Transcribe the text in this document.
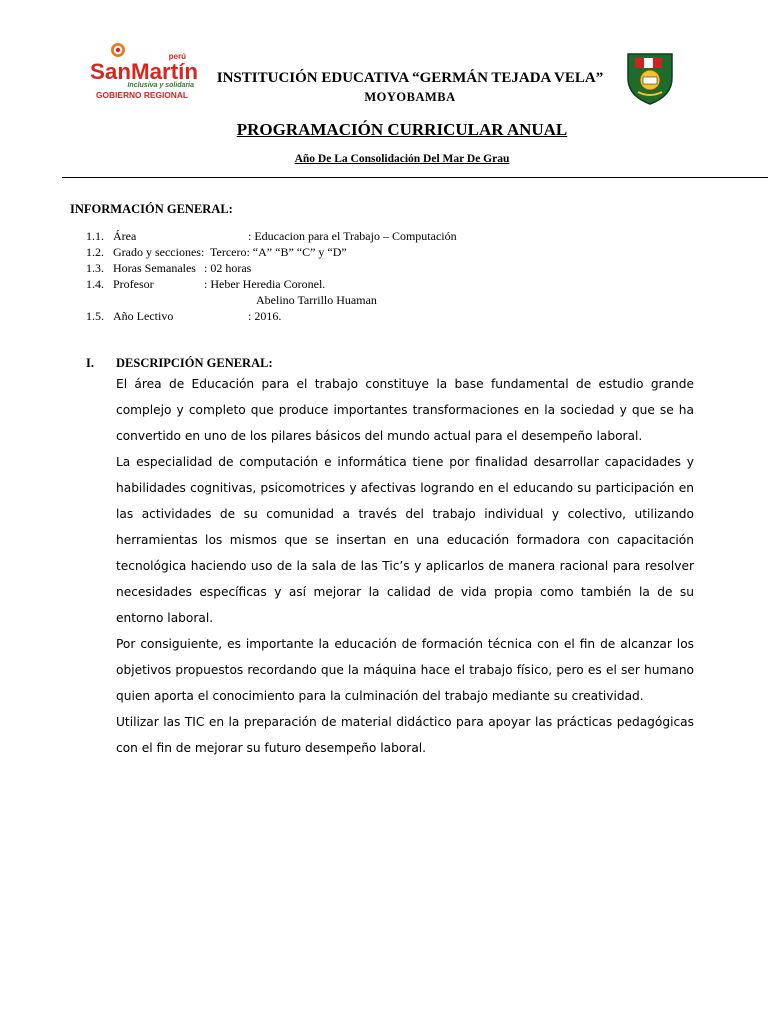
perú
SanMartín
Inclusiva y solidaria
GOBIERNO REGIONAL
INSTITUCIÓN EDUCATIVA “GERMÁN TEJADA VELA”
MOYOBAMBA
PROGRAMACIÓN CURRICULAR ANUAL
Año De La Consolidación Del Mar De Grau
INFORMACIÓN GENERAL:
1.1. Área	: Educacion para el Trabajo – Computación
1.2. Grado y secciones: Tercero: “A” “B” “C” y “D”
1.3. Horas Semanales : 02 horas
1.4. Profesor	: Heber Heredia Coronel.
Abelino Tarrillo Huaman
1.5. Año Lectivo	: 2016.
I. DESCRIPCIÓN GENERAL:

El área de Educación para el trabajo constituye la base fundamental de estudio grande complejo y completo que produce importantes transformaciones en la sociedad y que se ha convertido en uno de los pilares básicos del mundo actual para el desempeño laboral.

La especialidad de computación e informática tiene por finalidad desarrollar capacidades y habilidades cognitivas, psicomotrices y afectivas logrando en el educando su participación en las actividades de su comunidad a través del trabajo individual y colectivo, utilizando herramientas los mismos que se insertan en una educación formadora con capacitación tecnológica haciendo uso de la sala de las Tic’s y aplicarlos de manera racional para resolver necesidades específicas y así mejorar la calidad de vida propia como también la de su entorno laboral.

Por consiguiente, es importante la educación de formación técnica con el fin de alcanzar los objetivos propuestos recordando que la máquina hace el trabajo físico, pero es el ser humano quien aporta el conocimiento para la culminación del trabajo mediante su creatividad.

Utilizar las TIC en la preparación de material didáctico para apoyar las prácticas pedagógicas con el fin de mejorar su futuro desempeño laboral.
